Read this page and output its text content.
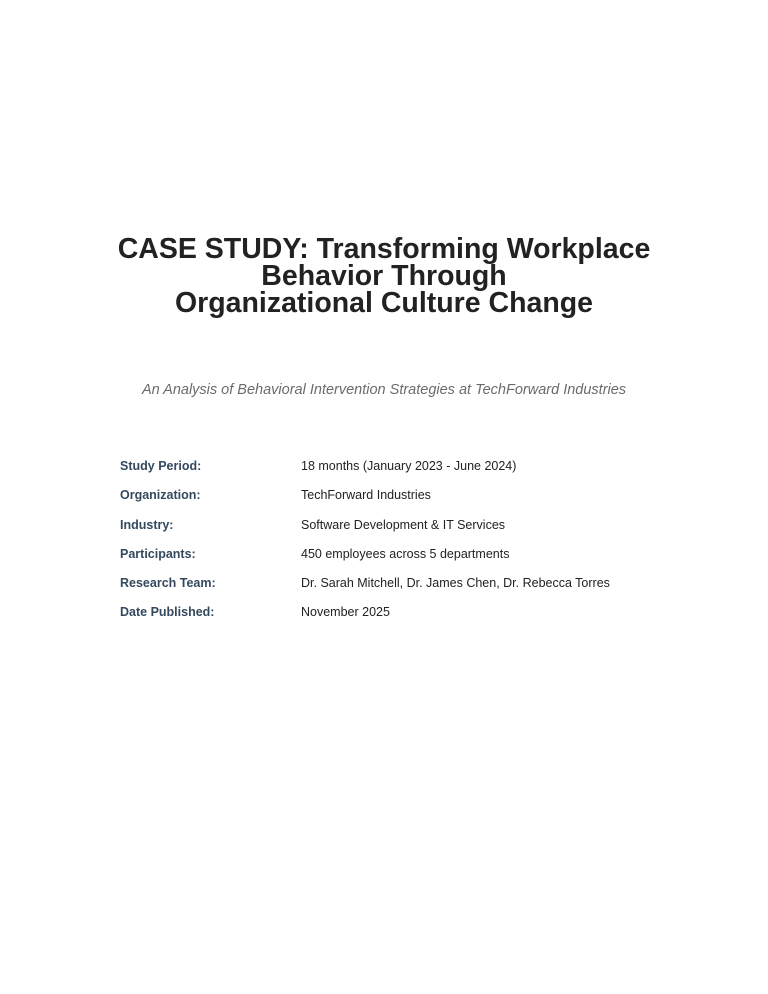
CASE STUDY: Transforming Workplace
Behavior Through
Organizational Culture Change

An Analysis of Behavioral Intervention Strategies at TechForward Industries

Study Period:	18 months (January 2023 - June 2024)
Organization:	TechForward Industries
Industry:	Software Development & IT Services
Participants:	450 employees across 5 departments
Research Team:	Dr. Sarah Mitchell, Dr. James Chen, Dr. Rebecca Torres
Date Published:	November 2025
